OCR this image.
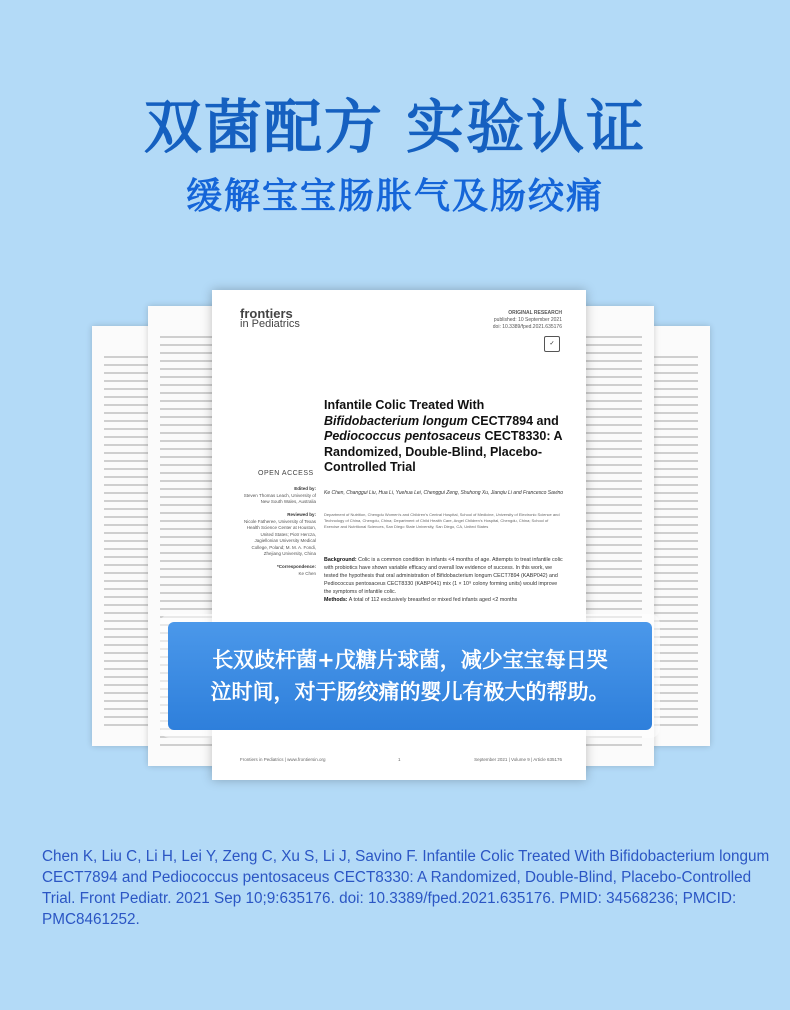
双菌配方 实验认证
缓解宝宝肠胀气及肠绞痛
frontiers
in Pediatrics
ORIGINAL RESEARCH
published: 10 September 2021
doi: 10.3389/fped.2021.635176
✓
Infantile Colic Treated With Bifidobacterium longum CECT7894 and Pediococcus pentosaceus CECT8330: A Randomized, Double-Blind, Placebo-Controlled Trial
OPEN ACCESS
Edited by:
Steven Thomas Leach, University of New South Wales, Australia

Reviewed by:
Nicole Fatheree, University of Texas Health Science Center at Houston, United States; Piotr Hercza, Jagiellonian University Medical College, Poland; M. M. A. Fondi, Zhejiang University, China

*Correspondence:
Ke Chen
Ke Chen, Changgui Liu, Hua Li, Yuehua Lei, Chenggui Zeng, Shuhong Xu, Jianqiu Li and Francesco Savino
Department of Nutrition, Chengdu Women's and Children's Central Hospital, School of Medicine, University of Electronic Science and Technology of China, Chengdu, China; Department of Child Health Care, Angel Children's Hospital, Chengdu, China; School of Exercise and Nutritional Sciences, San Diego State University, San Diego, CA, United States
Background: Colic is a common condition in infants <4 months of age. Attempts to treat infantile colic with probiotics have shown variable efficacy and overall low evidence of success. In this work, we tested the hypothesis that oral administration of Bifidobacterium longum CECT7894 (KABP042) and Pediococcus pentosaceus CECT8330 (KABP041) mix (1 × 10⁹ colony forming units) would improve the symptoms of infantile colic.
Methods: A total of 112 exclusively breastfed or mixed fed infants aged <2 months
Frontiers in Pediatrics | www.frontiersin.org	1	September 2021 | Volume 9 | Article 635176
长双歧杆菌+戊糖片球菌，减少宝宝每日哭
泣时间，对于肠绞痛的婴儿有极大的帮助。
Chen K, Liu C, Li H, Lei Y, Zeng C, Xu S, Li J, Savino F. Infantile Colic Treated With Bifidobacterium longum CECT7894 and Pediococcus pentosaceus CECT8330: A Randomized, Double-Blind, Placebo-Controlled Trial. Front Pediatr. 2021 Sep 10;9:635176. doi: 10.3389/fped.2021.635176. PMID: 34568236; PMCID: PMC8461252.
